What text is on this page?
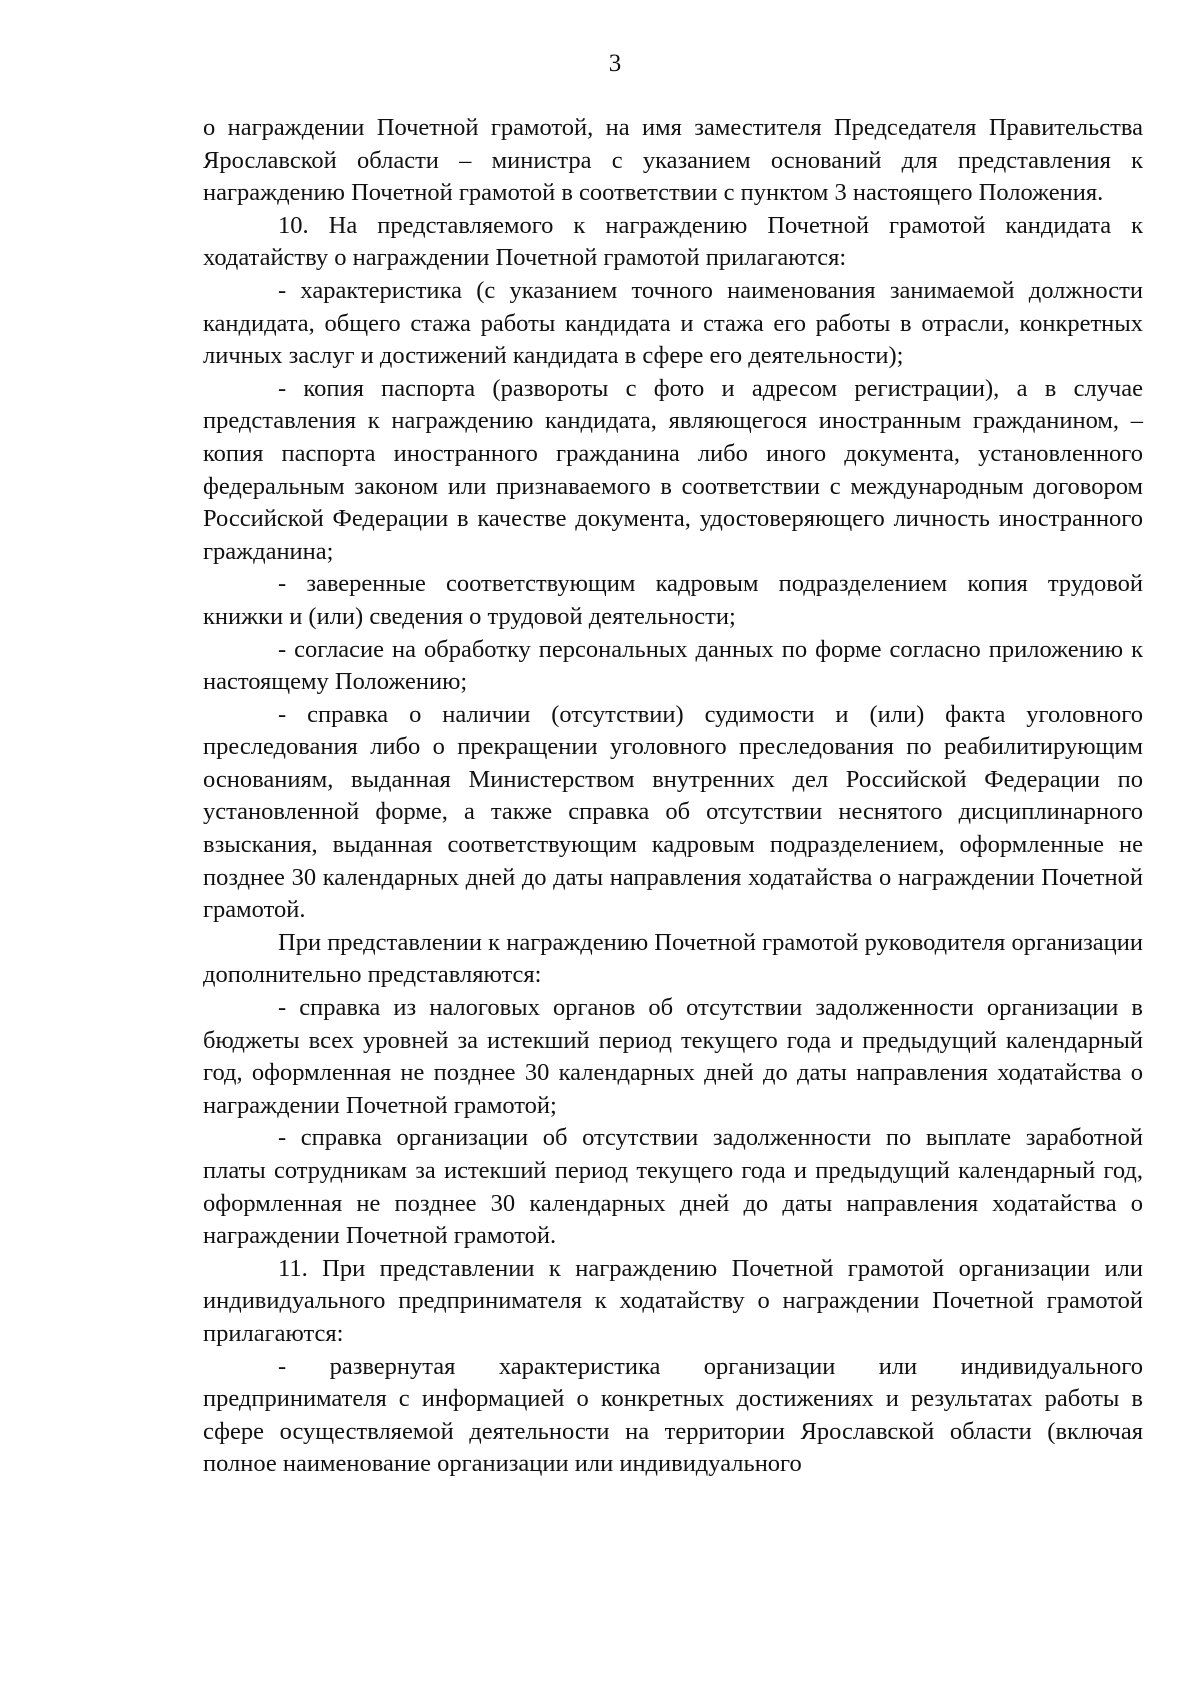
3

о награждении Почетной грамотой, на имя заместителя Председателя Правительства Ярославской области – министра с указанием оснований для представления к награждению Почетной грамотой в соответствии с пунктом 3 настоящего Положения.

10. На представляемого к награждению Почетной грамотой кандидата к ходатайству о награждении Почетной грамотой прилагаются:

- характеристика (с указанием точного наименования занимаемой должности кандидата, общего стажа работы кандидата и стажа его работы в отрасли, конкретных личных заслуг и достижений кандидата в сфере его деятельности);

- копия паспорта (развороты с фото и адресом регистрации), а в случае представления к награждению кандидата, являющегося иностранным гражданином, – копия паспорта иностранного гражданина либо иного документа, установленного федеральным законом или признаваемого в соответствии с международным договором Российской Федерации в качестве документа, удостоверяющего личность иностранного гражданина;

- заверенные соответствующим кадровым подразделением копия трудовой книжки и (или) сведения о трудовой деятельности;

- согласие на обработку персональных данных по форме согласно приложению к настоящему Положению;

- справка о наличии (отсутствии) судимости и (или) факта уголовного преследования либо о прекращении уголовного преследования по реабилитирующим основаниям, выданная Министерством внутренних дел Российской Федерации по установленной форме, а также справка об отсутствии неснятого дисциплинарного взыскания, выданная соответствующим кадровым подразделением, оформленные не позднее 30 календарных дней до даты направления ходатайства о награждении Почетной грамотой.

При представлении к награждению Почетной грамотой руководителя организации дополнительно представляются:

- справка из налоговых органов об отсутствии задолженности организации в бюджеты всех уровней за истекший период текущего года и предыдущий календарный год, оформленная не позднее 30 календарных дней до даты направления ходатайства о награждении Почетной грамотой;

- справка организации об отсутствии задолженности по выплате заработной платы сотрудникам за истекший период текущего года и предыдущий календарный год, оформленная не позднее 30 календарных дней до даты направления ходатайства о награждении Почетной грамотой.

11. При представлении к награждению Почетной грамотой организации или индивидуального предпринимателя к ходатайству о награждении Почетной грамотой прилагаются:

- развернутая характеристика организации или индивидуального предпринимателя с информацией о конкретных достижениях и результатах работы в сфере осуществляемой деятельности на территории Ярославской области (включая полное наименование организации или индивидуального
